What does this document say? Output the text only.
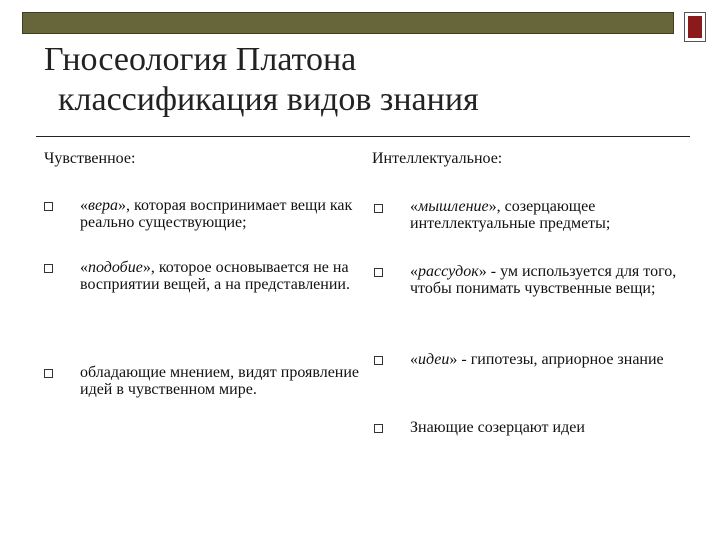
Гносеология Платона
классификация видов знания
Чувственное:	Интеллектуальное:
«вера», которая воспринимает вещи как реально существующие;
«подобие», которое основывается не на восприятии вещей, а на представлении.
обладающие мнением, видят проявление идей в чувственном мире.
«мышление», созерцающее интеллектуальные предметы;
«рассудок» - ум используется для того, чтобы понимать чувственные вещи;
«идеи» - гипотезы, априорное знание
Знающие созерцают идеи
